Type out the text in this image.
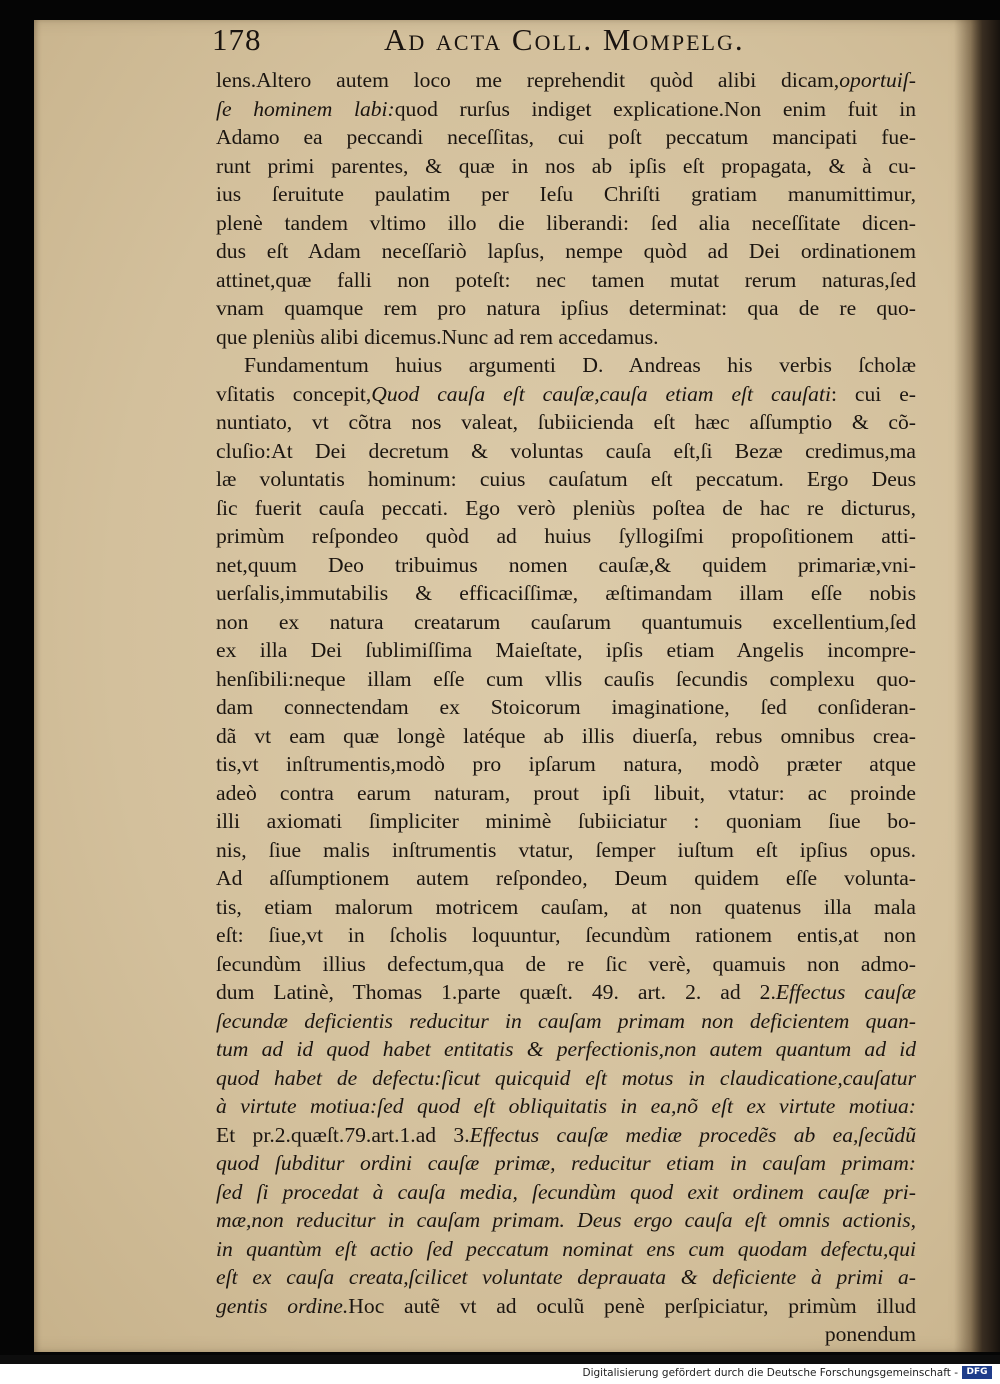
178	Ad acta Coll. Mompelg.
lens.Altero autem loco me reprehendit quòd alibi dicam,oportuiſ-
ſe hominem labi:quod rurſus indiget explicatione.Non enim fuit in
Adamo ea peccandi neceſſitas, cui poſt peccatum mancipati fue-
runt primi parentes, & quæ in nos ab ipſis eſt propagata, & à cu-
ius ſeruitute paulatim per Ieſu Chriſti gratiam manumittimur,
plenè tandem vltimo illo die liberandi: ſed alia neceſſitate dicen-
dus eſt Adam neceſſariò lapſus, nempe quòd ad Dei ordinationem
attinet,quæ falli non poteſt: nec tamen mutat rerum naturas,ſed
vnam quamque rem pro natura ipſius determinat: qua de re quo-
que pleniùs alibi dicemus.Nunc ad rem accedamus.
Fundamentum huius argumenti D. Andreas his verbis ſcholæ
vſitatis concepit,Quod cauſa eſt cauſæ,cauſa etiam eſt cauſati: cui e-
nuntiato, vt cõtra nos valeat, ſubiicienda eſt hæc aſſumptio & cõ-
cluſio:At Dei decretum & voluntas cauſa eſt,ſi Bezæ credimus,ma
læ voluntatis hominum: cuius cauſatum eſt peccatum. Ergo Deus
ſic fuerit cauſa peccati. Ego verò pleniùs poſtea de hac re dicturus,
primùm reſpondeo quòd ad huius ſyllogiſmi propoſitionem atti-
net,quum Deo tribuimus nomen cauſæ,& quidem primariæ,vni-
uerſalis,immutabilis & efficaciſſimæ, æſtimandam illam eſſe nobis
non ex natura creatarum cauſarum quantumuis excellentium,ſed
ex illa Dei ſublimiſſima Maieſtate, ipſis etiam Angelis incompre-
henſibili:neque illam eſſe cum vllis cauſis ſecundis complexu quo-
dam connectendam ex Stoicorum imaginatione, ſed conſideran-
dã vt eam quæ longè latéque ab illis diuerſa, rebus omnibus crea-
tis,vt inſtrumentis,modò pro ipſarum natura, modò præter atque
adeò contra earum naturam, prout ipſi libuit, vtatur: ac proinde
illi axiomati ſimpliciter minimè ſubiiciatur : quoniam ſiue bo-
nis, ſiue malis inſtrumentis vtatur, ſemper iuſtum eſt ipſius opus.
Ad aſſumptionem autem reſpondeo, Deum quidem eſſe volunta-
tis, etiam malorum motricem cauſam, at non quatenus illa mala
eſt: ſiue,vt in ſcholis loquuntur, ſecundùm rationem entis,at non
ſecundùm illius defectum,qua de re ſic verè, quamuis non admo-
dum Latinè, Thomas 1.parte quæſt. 49. art. 2. ad 2.Effectus cauſæ
ſecundæ deficientis reducitur in cauſam primam non deficientem quan-
tum ad id quod habet entitatis & perfectionis,non autem quantum ad id
quod habet de defectu:ſicut quicquid eſt motus in claudicatione,cauſatur
à virtute motiua:ſed quod eſt obliquitatis in ea,nõ eſt ex virtute motiua:
Et pr.2.quæſt.79.art.1.ad 3.Effectus cauſæ mediæ procedẽs ab ea,ſecũdũ
quod ſubditur ordini cauſæ primæ, reducitur etiam in cauſam primam:
ſed ſi procedat à cauſa media, ſecundùm quod exit ordinem cauſæ pri-
mæ,non reducitur in cauſam primam. Deus ergo cauſa eſt omnis actionis,
in quantùm eſt actio ſed peccatum nominat ens cum quodam defectu,qui
eſt ex cauſa creata,ſcilicet voluntate deprauata & deficiente à primi a-
gentis ordine.Hoc autẽ vt ad oculũ penè perſpiciatur, primùm illud
ponendum
Digitalisierung gefördert durch die Deutsche Forschungsgemeinschaft - DFG
